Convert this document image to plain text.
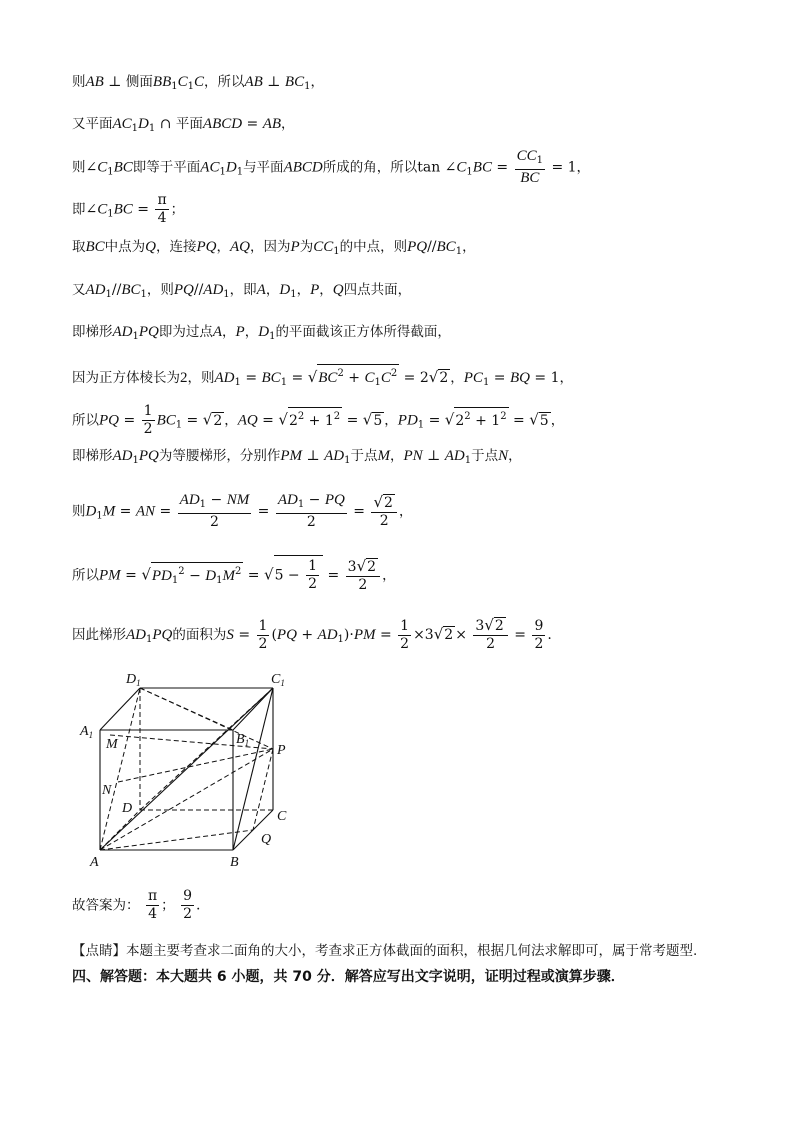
则AB ⊥ 侧面$BB_1C_1C$，所以AB ⊥ $BC_1$，
又平面$AC_1D_1$ ∩ 平面ABCD = AB，
则$\angle C_1BC$即等于平面$AC_1D_1$与平面ABCD所成的角，所以$\tan \angle C_1BC = \frac{CC_1}{BC} = 1$，
即$\angle C_1BC = \frac{\pi}{4}$ ；
取BC中点为Q，连接PQ，AQ，因为P为$CC_1$的中点，则$PQ//BC_1$，
又$AD_1//BC_1$，则$PQ//AD_1$，即A，$D_1$，P，Q四点共面，
即梯形$AD_1PQ$即为过点A，P，$D_1$的平面截该正方体所得截面，
因为正方体棱长为2，则$AD_1 = BC_1 = √BC^2 + C_1C^2 = 2√2$ ，$PC_1$ = BQ = 1，
所以PQ = $\frac{1}{2} BC_1 = √2$ ，AQ = $√2^2 + 1^2 = √5$ ，$PD_1 = √2^2 + 1^2 = √5$ ，
即梯形$AD_1PQ$为等腰梯形，分别作PM ⊥ $AD_1$于点M，PN ⊥ $AD_1$于点N，
则$D_1M$ = AN = $\frac{AD_1 - NM}{2} = \frac{AD_1 - PQ}{2} = \frac{√2}{2}$ ，
所以PM = $√PD_1^2 - D_1M^2 = √5 - \frac{1}{2} = \frac{3√2}{2}$ ，
因此梯形$AD_1PQ$的面积为$S = \frac{1}{2} (PQ + AD_1)\cdot PM = \frac{1}{2} \times 3√2 \times \frac{3√2}{2} = \frac{9}{2}$ .
$D_1$	$C_1$
$A_1$	$B_1$
M	P
N
D
C
Q
A	B
故答案为： $\frac{\pi}{4}$ ； $\frac{9}{2}$ .
【点睛】本题主要考查求二面角的大小，考查求正方体截面的面积，根据几何法求解即可，属于常考题型.
四、解答题：本大题共 6 小题，共 70 分．解答应写出文字说明，证明过程或演算步骤．
